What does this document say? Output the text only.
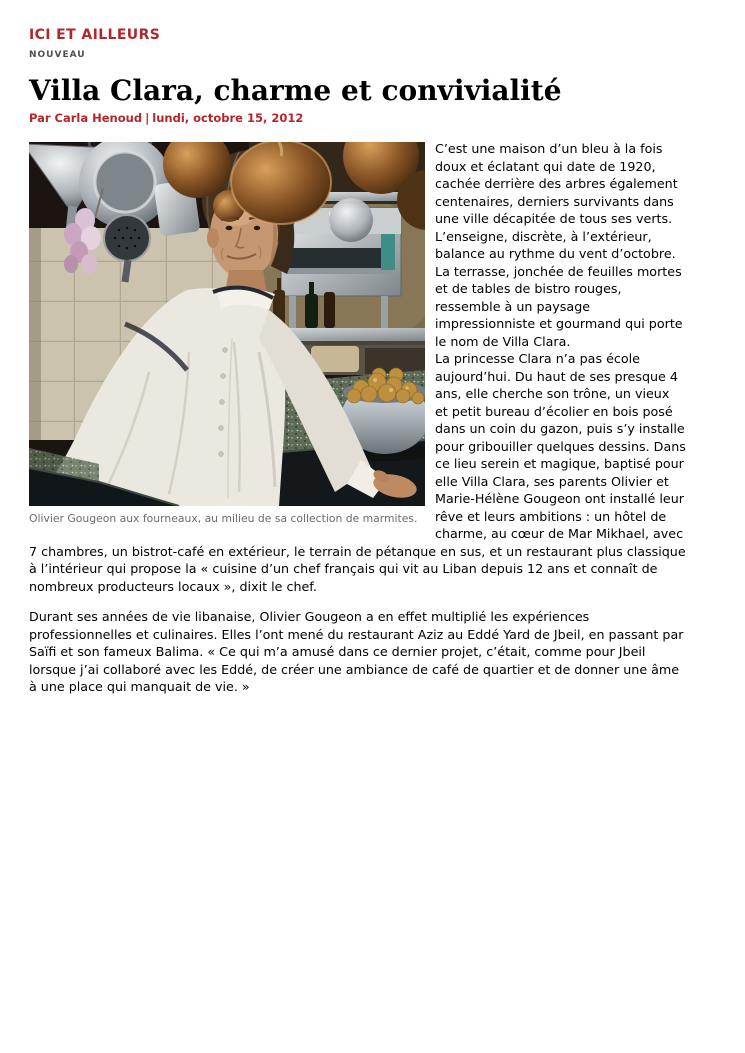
ICI ET AILLEURS
NOUVEAU
Villa Clara, charme et convivialité
Par Carla Henoud | lundi, octobre 15, 2012
Olivier Gougeon aux fourneaux, au milieu de sa collection de marmites.

C’est une maison d’un bleu à la fois doux et éclatant qui date de 1920, cachée derrière des arbres également centenaires, derniers survivants dans une ville décapitée de tous ses verts.
L’enseigne, discrète, à l’extérieur, balance au rythme du vent d’octobre. La terrasse, jonchée de feuilles mortes et de tables de bistro rouges, ressemble à un paysage impressionniste et gourmand qui porte le nom de Villa Clara.
La princesse Clara n’a pas école aujourd’hui. Du haut de ses presque 4 ans, elle cherche son trône, un vieux et petit bureau d’écolier en bois posé dans un coin du gazon, puis s’y installe pour gribouiller quelques dessins. Dans ce lieu serein et magique, baptisé pour elle Villa Clara, ses parents Olivier et Marie-Hélène Gougeon ont installé leur rêve et leurs ambitions : un hôtel de charme, au cœur de Mar Mikhael, avec 7 chambres, un bistrot-café en extérieur, le terrain de pétanque en sus, et un restaurant plus classique à l’intérieur qui propose la « cuisine d’un chef français qui vit au Liban depuis 12 ans et connaît de nombreux producteurs locaux », dixit le chef.

Durant ses années de vie libanaise, Olivier Gougeon a en effet multiplié les expériences professionnelles et culinaires. Elles l’ont mené du restaurant Aziz au Eddé Yard de Jbeil, en passant par Saïfi et son fameux Balima. « Ce qui m’a amusé dans ce dernier projet, c’était, comme pour Jbeil lorsque j’ai collaboré avec les Eddé, de créer une ambiance de café de quartier et de donner une âme à une place qui manquait de vie. »
